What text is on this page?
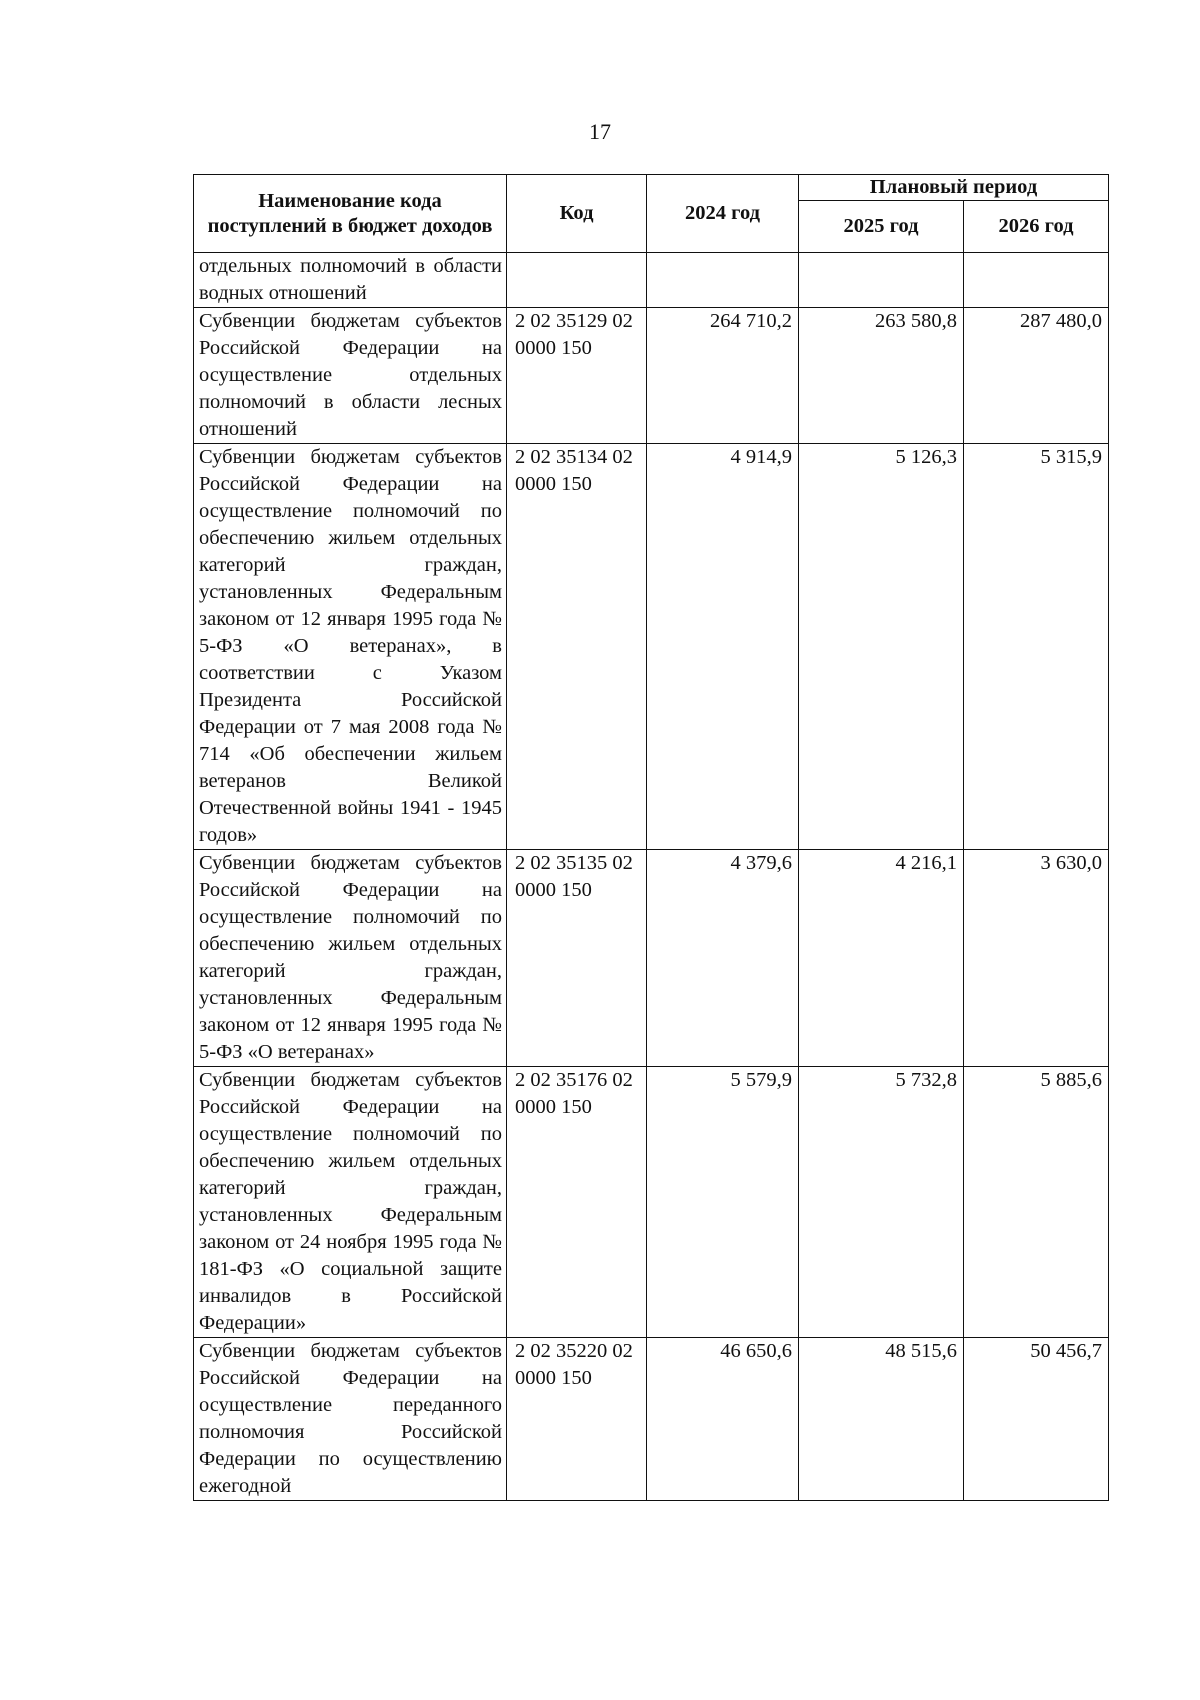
17
Наименование кода поступлений в бюджет доходов	Код	2024 год	Плановый период	
			2025 год	2026 год
отдельных полномочий в области водных отношений				
Субвенции бюджетам субъектов Российской Федерации на осуществление отдельных полномочий в области лесных отношений	2 02 35129 02 0000 150	264 710,2	263 580,8	287 480,0
Субвенции бюджетам субъектов Российской Федерации на осуществление полномочий по обеспечению жильем отдельных категорий граждан, установленных Федеральным законом от 12 января 1995 года № 5-ФЗ «О ветеранах», в соответствии с Указом Президента Российской Федерации от 7 мая 2008 года № 714 «Об обеспечении жильем ветеранов Великой Отечественной войны 1941 - 1945 годов»	2 02 35134 02 0000 150	4 914,9	5 126,3	5 315,9
Субвенции бюджетам субъектов Российской Федерации на осуществление полномочий по обеспечению жильем отдельных категорий граждан, установленных Федеральным законом от 12 января 1995 года № 5-ФЗ «О ветеранах»	2 02 35135 02 0000 150	4 379,6	4 216,1	3 630,0
Субвенции бюджетам субъектов Российской Федерации на осуществление полномочий по обеспечению жильем отдельных категорий граждан, установленных Федеральным законом от 24 ноября 1995 года № 181-ФЗ «О социальной защите инвалидов в Российской Федерации»	2 02 35176 02 0000 150	5 579,9	5 732,8	5 885,6
Субвенции бюджетам субъектов Российской Федерации на осуществление переданного полномочия Российской Федерации по осуществлению ежегодной	2 02 35220 02 0000 150	46 650,6	48 515,6	50 456,7
